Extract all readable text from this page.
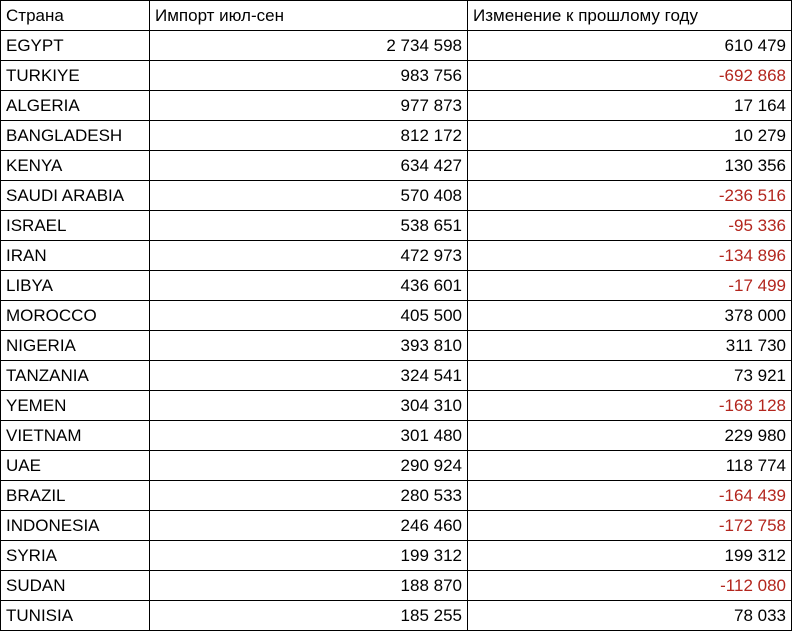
Страна	Импорт июл-сен	Изменение к прошлому году
EGYPT	2 734 598	610 479
TURKIYE	983 756	-692 868
ALGERIA	977 873	17 164
BANGLADESH	812 172	10 279
KENYA	634 427	130 356
SAUDI ARABIA	570 408	-236 516
ISRAEL	538 651	-95 336
IRAN	472 973	-134 896
LIBYA	436 601	-17 499
MOROCCO	405 500	378 000
NIGERIA	393 810	311 730
TANZANIA	324 541	73 921
YEMEN	304 310	-168 128
VIETNAM	301 480	229 980
UAE	290 924	118 774
BRAZIL	280 533	-164 439
INDONESIA	246 460	-172 758
SYRIA	199 312	199 312
SUDAN	188 870	-112 080
TUNISIA	185 255	78 033
